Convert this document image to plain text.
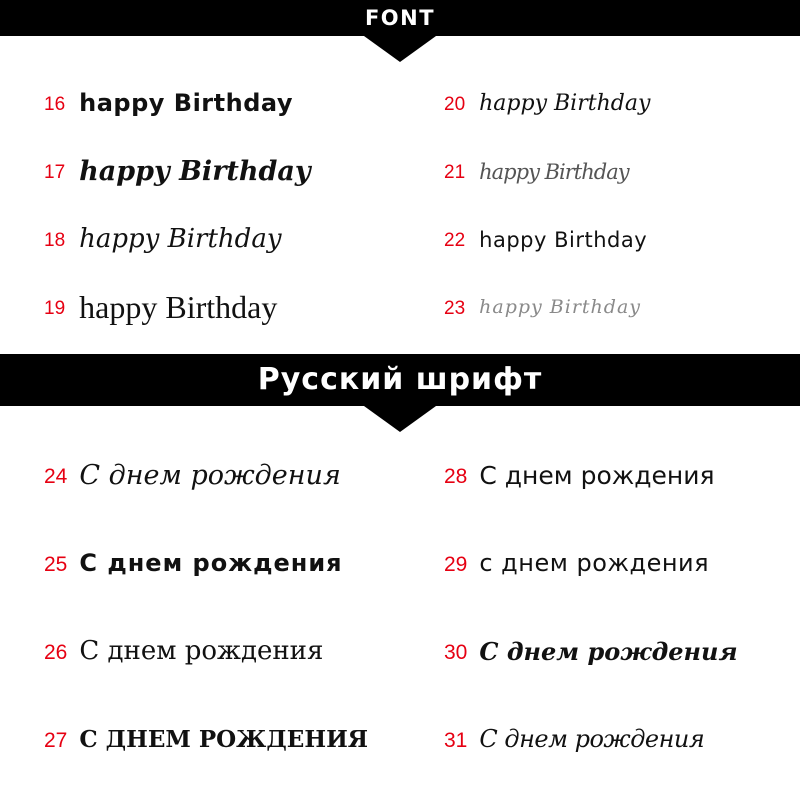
FONT
16 happy Birthday	20 happy Birthday
17 happy Birthday	21 happy Birthday
18 happy Birthday	22 happy Birthday
19 happy Birthday	23 happy Birthday
Русский шрифт
24 С днем рождения	28 С днем рождения
25 С днем рождения	29 с днем рождения
26 С днем рождения	30 С днем рождения
27 С ДНЕМ РОЖДЕНИЯ	31 С днем рождения
